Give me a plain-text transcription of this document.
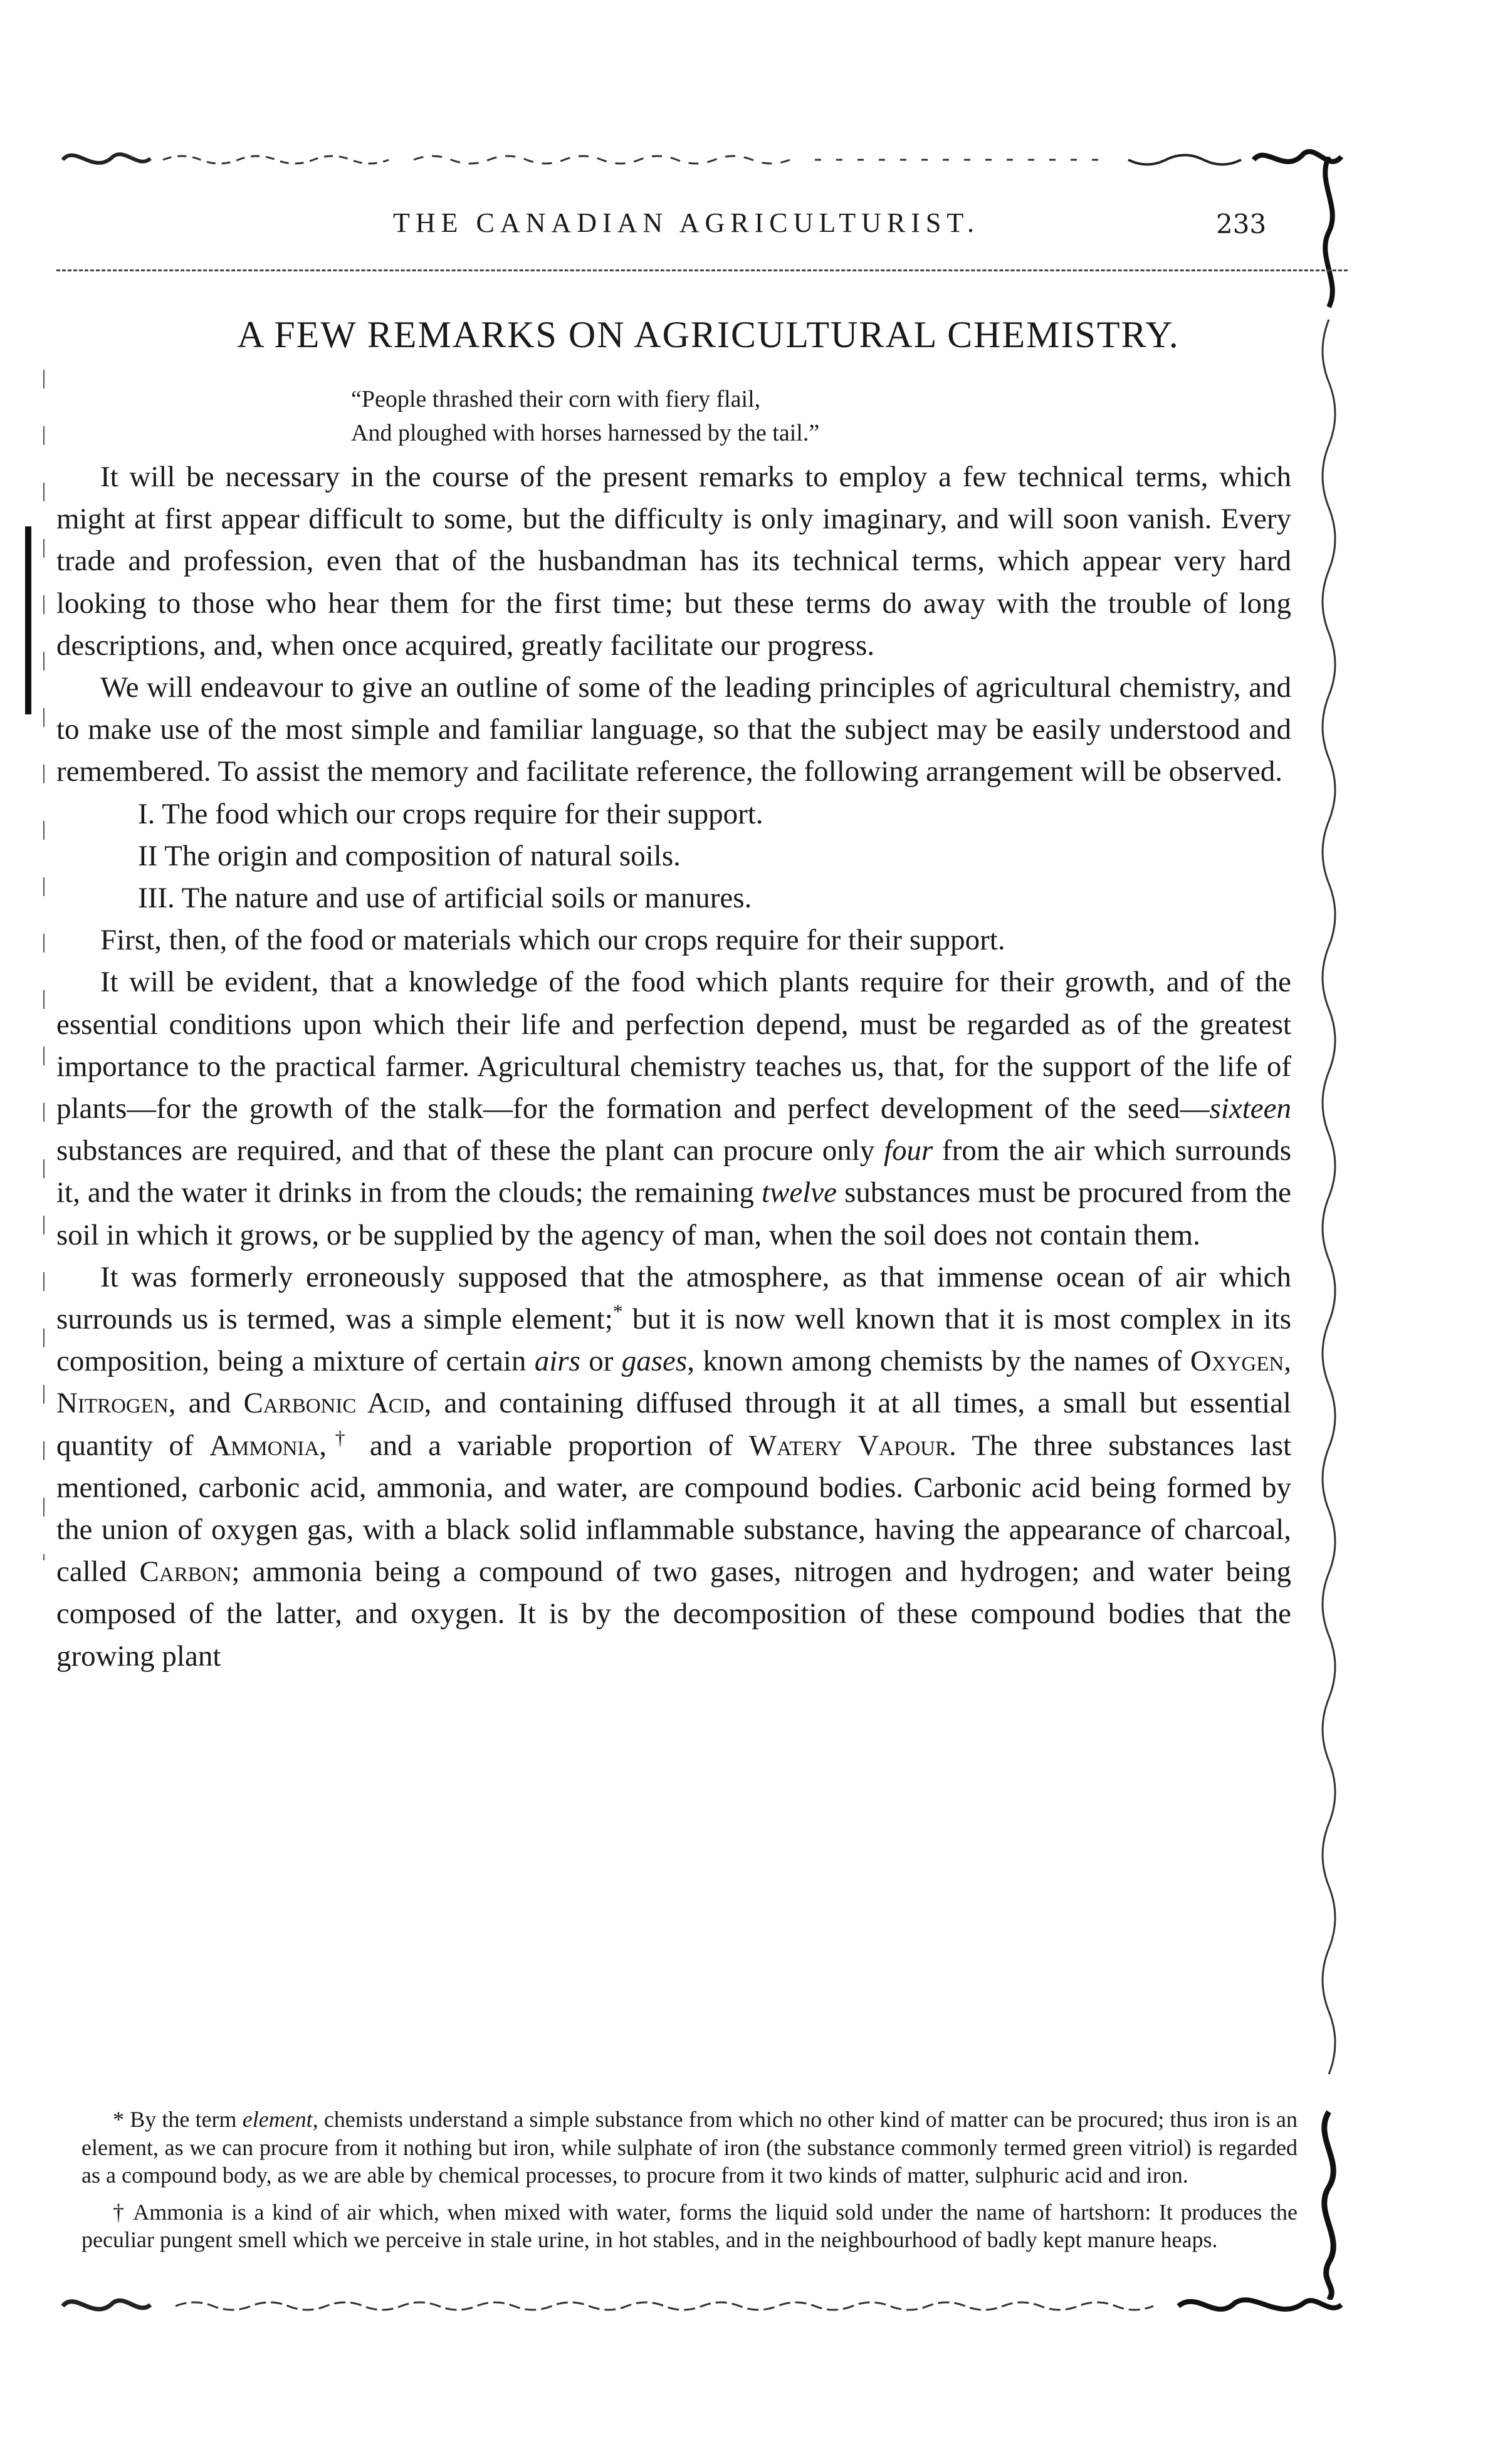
THE CANADIAN AGRICULTURIST.	233
A FEW REMARKS ON AGRICULTURAL CHEMISTRY.
“People thrashed their corn with fiery flail,
And ploughed with horses harnessed by the tail.”

It will be necessary in the course of the present remarks to employ a few technical terms, which might at first appear difficult to some, but the difficulty is only imaginary, and will soon vanish. Every trade and profession, even that of the husbandman has its technical terms, which appear very hard looking to those who hear them for the first time; but these terms do away with the trouble of long descriptions, and, when once acquired, greatly facilitate our progress.

We will endeavour to give an outline of some of the leading principles of agricultural chemistry, and to make use of the most simple and familiar language, so that the subject may be easily understood and remembered. To assist the memory and facilitate reference, the following arrangement will be observed.

I. The food which our crops require for their support.

II The origin and composition of natural soils.

III. The nature and use of artificial soils or manures.

First, then, of the food or materials which our crops require for their support.

It will be evident, that a knowledge of the food which plants require for their growth, and of the essential conditions upon which their life and perfection depend, must be regarded as of the greatest importance to the practical farmer. Agricultural chemistry teaches us, that, for the support of the life of plants—for the growth of the stalk—for the formation and perfect development of the seed—sixteen substances are required, and that of these the plant can procure only four from the air which surrounds it, and the water it drinks in from the clouds; the remaining twelve substances must be procured from the soil in which it grows, or be supplied by the agency of man, when the soil does not contain them.

It was formerly erroneously supposed that the atmosphere, as that immense ocean of air which surrounds us is termed, was a simple element;* but it is now well known that it is most complex in its composition, being a mixture of certain airs or gases, known among chemists by the names of Oxygen, Nitrogen, and Carbonic Acid, and containing diffused through it at all times, a small but essential quantity of Ammonia,† and a variable proportion of Watery Vapour. The three substances last mentioned, carbonic acid, ammonia, and water, are compound bodies. Carbonic acid being formed by the union of oxygen gas, with a black solid inflammable substance, having the appearance of charcoal, called Carbon; ammonia being a compound of two gases, nitrogen and hydrogen; and water being composed of the latter, and oxygen. It is by the decomposition of these compound bodies that the growing plant

* By the term element, chemists understand a simple substance from which no other kind of matter can be procured; thus iron is an element, as we can procure from it nothing but iron, while sulphate of iron (the substance commonly termed green vitriol) is regarded as a compound body, as we are able by chemical processes, to procure from it two kinds of matter, sulphuric acid and iron.

† Ammonia is a kind of air which, when mixed with water, forms the liquid sold under the name of hartshorn: It produces the peculiar pungent smell which we perceive in stale urine, in hot stables, and in the neighbourhood of badly kept manure heaps.
